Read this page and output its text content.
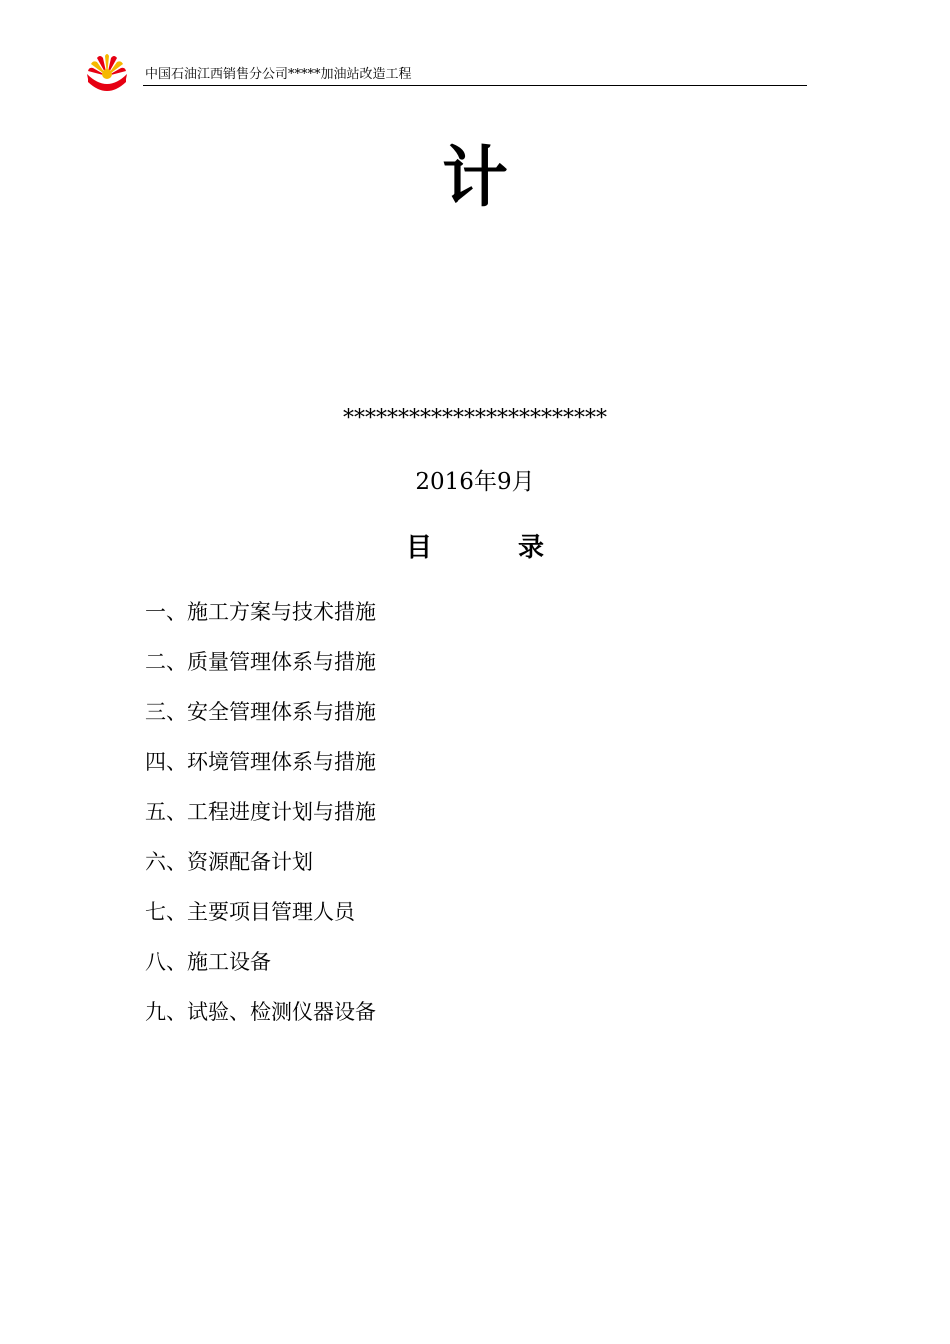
中国石油江西销售分公司*****加油站改造工程
计
************************
2016年9月
目　录
一、施工方案与技术措施
二、质量管理体系与措施
三、安全管理体系与措施
四、环境管理体系与措施
五、工程进度计划与措施
六、资源配备计划
七、主要项目管理人员
八、施工设备
九、试验、检测仪器设备
